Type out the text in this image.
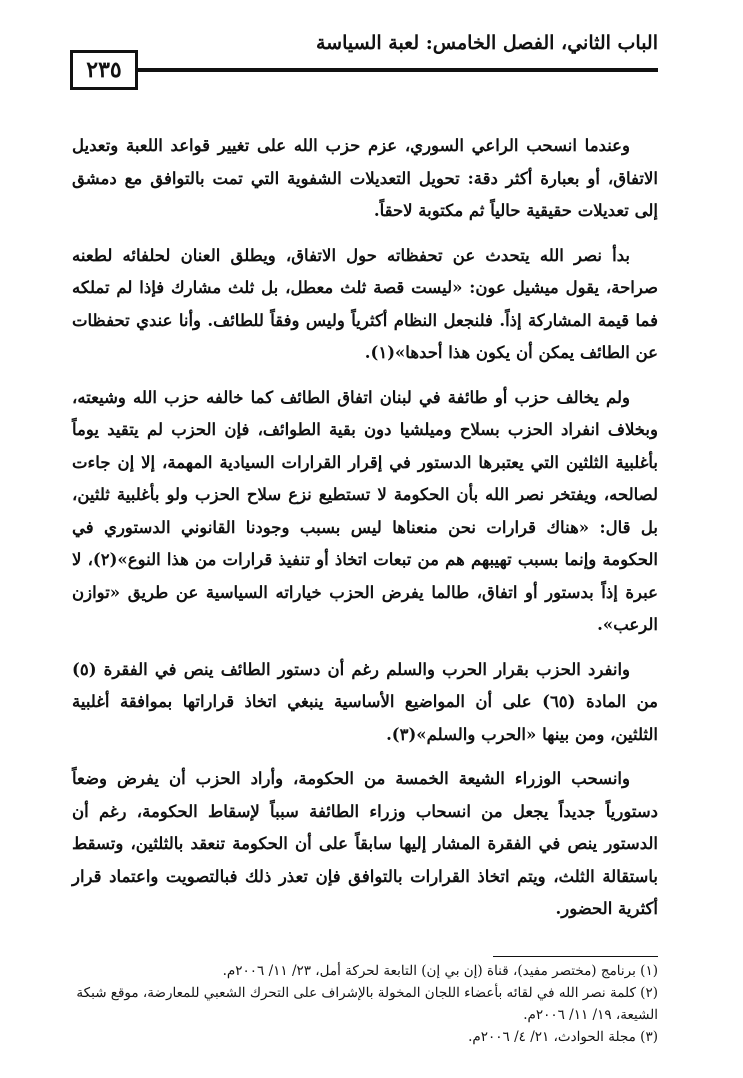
الباب الثاني، الفصل الخامس: لعبة السياسة
٢٣٥

وعندما انسحب الراعي السوري، عزم حزب الله على تغيير قواعد اللعبة وتعديل الاتفاق، أو بعبارة أكثر دقة: تحويل التعديلات الشفوية التي تمت بالتوافق مع دمشق إلى تعديلات حقيقية حالياً ثم مكتوبة لاحقاً.

بدأ نصر الله يتحدث عن تحفظاته حول الاتفاق، ويطلق العنان لحلفائه لطعنه صراحة، يقول ميشيل عون: «ليست قصة ثلث معطل، بل ثلث مشارك فإذا لم تملكه فما قيمة المشاركة إذاً. فلنجعل النظام أكثرياً وليس وفقاً للطائف. وأنا عندي تحفظات عن الطائف يمكن أن يكون هذا أحدها»(١).

ولم يخالف حزب أو طائفة في لبنان اتفاق الطائف كما خالفه حزب الله وشيعته، وبخلاف انفراد الحزب بسلاح وميلشيا دون بقية الطوائف، فإن الحزب لم يتقيد يوماً بأغلبية الثلثين التي يعتبرها الدستور في إقرار القرارات السيادية المهمة، إلا إن جاءت لصالحه، ويفتخر نصر الله بأن الحكومة لا تستطيع نزع سلاح الحزب ولو بأغلبية ثلثين، بل قال: «هناك قرارات نحن منعناها ليس بسبب وجودنا القانوني الدستوري في الحكومة وإنما بسبب تهيبهم هم من تبعات اتخاذ أو تنفيذ قرارات من هذا النوع»(٢)، لا عبرة إذاً بدستور أو اتفاق، طالما يفرض الحزب خياراته السياسية عن طريق «توازن الرعب».

وانفرد الحزب بقرار الحرب والسلم رغم أن دستور الطائف ينص في الفقرة (٥) من المادة (٦٥) على أن المواضيع الأساسية ينبغي اتخاذ قراراتها بموافقة أغلبية الثلثين، ومن بينها «الحرب والسلم»(٣).

وانسحب الوزراء الشيعة الخمسة من الحكومة، وأراد الحزب أن يفرض وضعاً دستورياً جديداً يجعل من انسحاب وزراء الطائفة سبباً لإسقاط الحكومة، رغم أن الدستور ينص في الفقرة المشار إليها سابقاً على أن الحكومة تنعقد بالثلثين، وتسقط باستقالة الثلث، ويتم اتخاذ القرارات بالتوافق فإن تعذر ذلك فبالتصويت واعتماد قرار أكثرية الحضور.

(١) برنامج (مختصر مفيد)، قناة (إن بي إن) التابعة لحركة أمل، ٢٣/ ١١/ ٢٠٠٦م.

(٢) كلمة نصر الله في لقائه بأعضاء اللجان المخولة بالإشراف على التحرك الشعبي للمعارضة، موقع شبكة الشيعة، ١٩/ ١١/ ٢٠٠٦م.

(٣) مجلة الحوادث، ٢١/ ٤/ ٢٠٠٦م.
